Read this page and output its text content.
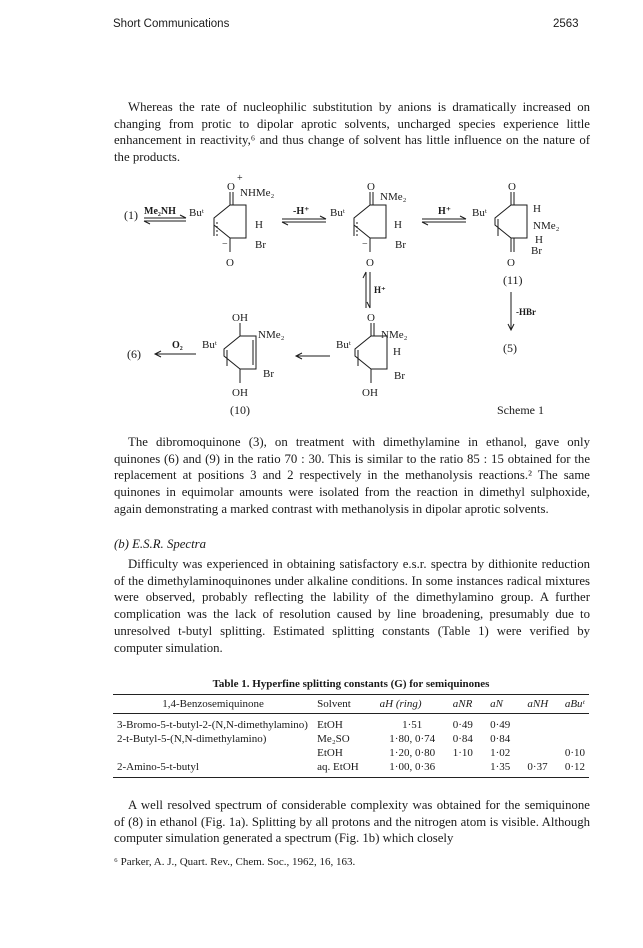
Short Communications	2563

Whereas the rate of nucleophilic substitution by anions is dramatically increased on changing from protic to dipolar aprotic solvents, uncharged species experience little enhancement in reactivity,⁶ and thus change of solvent has little influence on the nature of the products.

(1) Me₂NH
O
+
NHMe₂
Buᵗ
H
Br
−
O
-H⁺
O
NMe₂
Buᵗ
H
Br
−
O
H⁺
O
H
NMe₂
H
Br
Buᵗ
O
(11)
-HBr
(5)
H⁺
O
NMe₂
Buᵗ
H
Br
OH
OH
NMe₂
Buᵗ
Br
OH
(10)
O₂
(6)
Scheme 1

The dibromoquinone (3), on treatment with dimethylamine in ethanol, gave only quinones (6) and (9) in the ratio 70 : 30. This is similar to the ratio 85 : 15 obtained for the replacement at positions 3 and 2 respectively in the methanolysis reactions.² The same quinones in equimolar amounts were isolated from the reaction in dimethyl sulphoxide, again demonstrating a marked contrast with methanolysis in dipolar aprotic solvents.

(b) E.S.R. Spectra

Difficulty was experienced in obtaining satisfactory e.s.r. spectra by dithionite reduction of the dimethylaminoquinones under alkaline conditions. In some instances radical mixtures were observed, probably reflecting the lability of the dimethylamino group. A further complication was the lack of resolution caused by line broadening, presumably due to unresolved t-butyl splitting. Estimated splitting constants (Table 1) were verified by computer simulation.

Table 1. Hyperfine splitting constants (G) for semiquinones
1,4-Benzosemiquinone	Solvent	aH (ring)	aNR	aN	aNH	aBuᵗ
3-Bromo-5-t-butyl-2-(N,N-dimethylamino)	EtOH	1·51	0·49	0·49		
2-t-Butyl-5-(N,N-dimethylamino)	Me₂SO	1·80, 0·74	0·84	0·84		
	EtOH	1·20, 0·80	1·10	1·02		0·10
2-Amino-5-t-butyl	aq. EtOH	1·00, 0·36		1·35	0·37	0·12

A well resolved spectrum of considerable complexity was obtained for the semiquinone of (8) in ethanol (Fig. 1a). Splitting by all protons and the nitrogen atom is visible. Although computer simulation generated a spectrum (Fig. 1b) which closely

⁶ Parker, A. J., Quart. Rev., Chem. Soc., 1962, 16, 163.
